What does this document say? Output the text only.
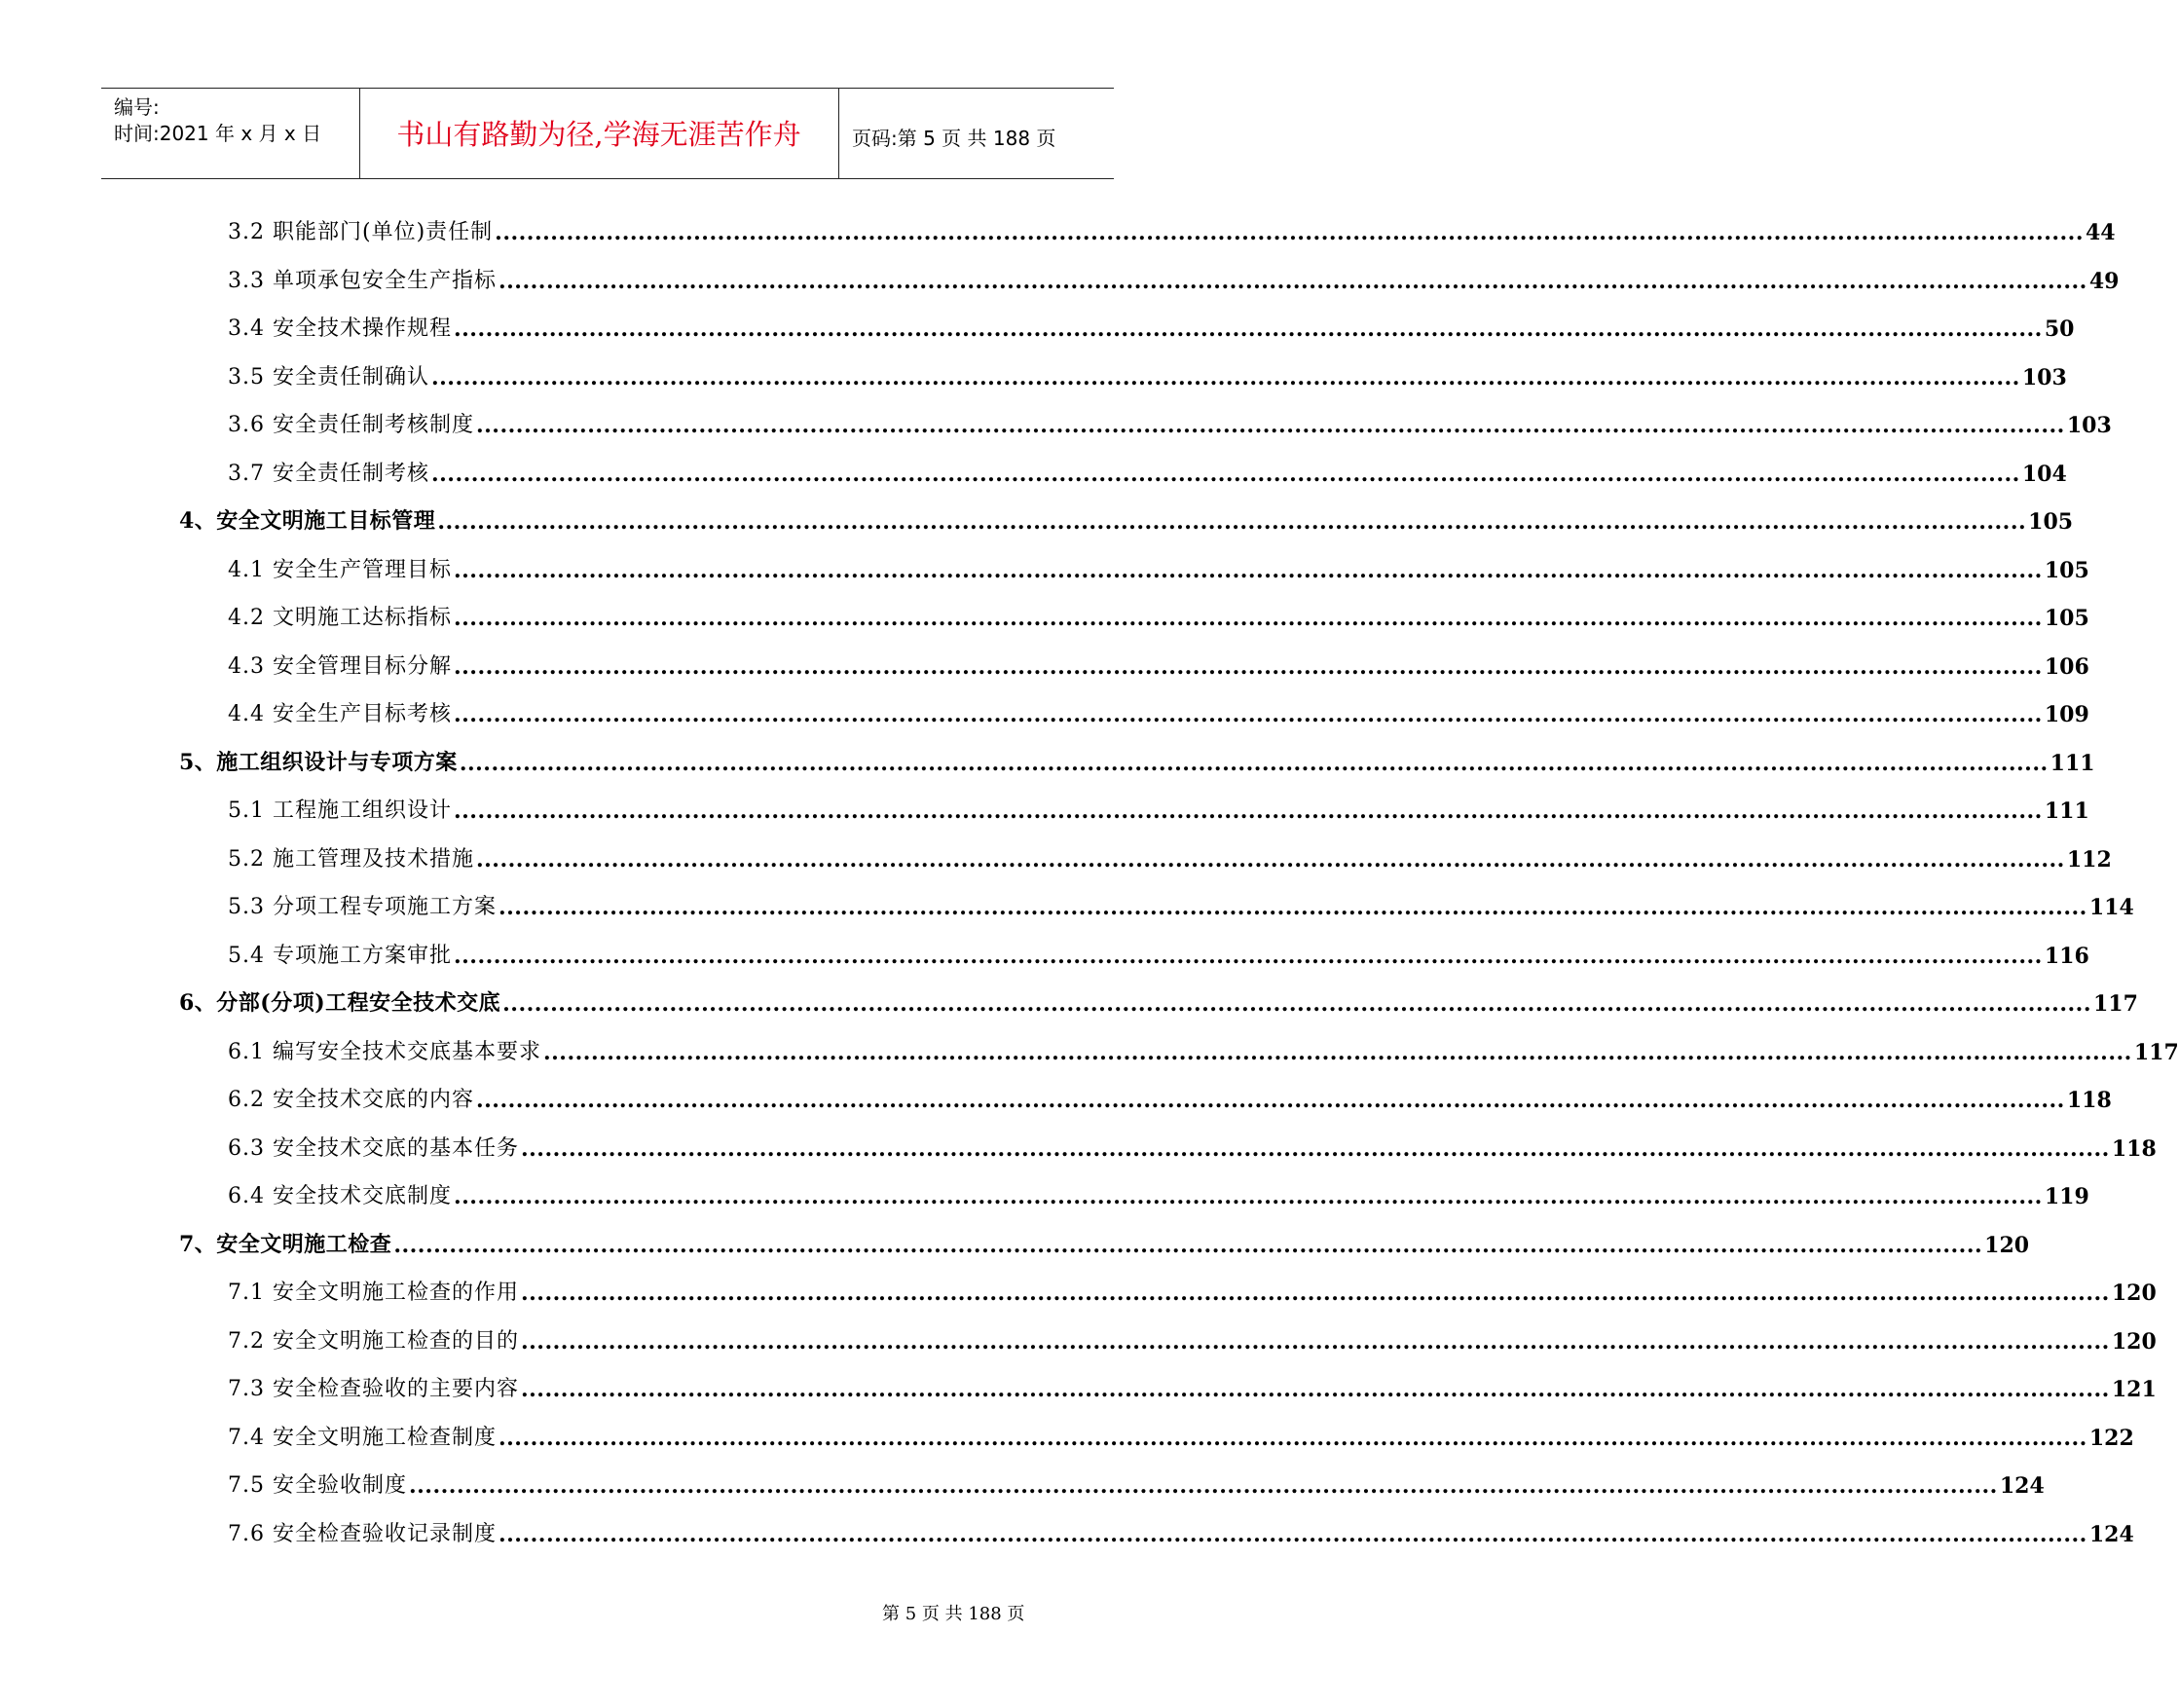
编号:
时间:2021 年 x 月 x 日	书山有路勤为径,学海无涯苦作舟	页码:第 5 页 共 188 页
3.2 职能部门(单位)责任制 ........................................................................................................................................................................................................ 44
3.3 单项承包安全生产指标 ........................................................................................................................................................................................................ 49
3.4 安全技术操作规程 ........................................................................................................................................................................................................ 50
3.5 安全责任制确认 ........................................................................................................................................................................................................ 103
3.6 安全责任制考核制度 ........................................................................................................................................................................................................ 103
3.7 安全责任制考核 ........................................................................................................................................................................................................ 104
4、安全文明施工目标管理 ........................................................................................................................................................................................................ 105
4.1 安全生产管理目标 ........................................................................................................................................................................................................ 105
4.2 文明施工达标指标 ........................................................................................................................................................................................................ 105
4.3 安全管理目标分解 ........................................................................................................................................................................................................ 106
4.4 安全生产目标考核 ........................................................................................................................................................................................................ 109
5、施工组织设计与专项方案 ........................................................................................................................................................................................................ 111
5.1 工程施工组织设计 ........................................................................................................................................................................................................ 111
5.2 施工管理及技术措施 ........................................................................................................................................................................................................ 112
5.3 分项工程专项施工方案 ........................................................................................................................................................................................................ 114
5.4 专项施工方案审批 ........................................................................................................................................................................................................ 116
6、分部(分项)工程安全技术交底 ........................................................................................................................................................................................................ 117
6.1 编写安全技术交底基本要求 ........................................................................................................................................................................................................ 117
6.2 安全技术交底的内容 ........................................................................................................................................................................................................ 118
6.3 安全技术交底的基本任务 ........................................................................................................................................................................................................ 118
6.4 安全技术交底制度 ........................................................................................................................................................................................................ 119
7、安全文明施工检查 ........................................................................................................................................................................................................ 120
7.1 安全文明施工检查的作用 ........................................................................................................................................................................................................ 120
7.2 安全文明施工检查的目的 ........................................................................................................................................................................................................ 120
7.3 安全检查验收的主要内容 ........................................................................................................................................................................................................ 121
7.4 安全文明施工检查制度 ........................................................................................................................................................................................................ 122
7.5 安全验收制度 ........................................................................................................................................................................................................ 124
7.6 安全检查验收记录制度 ........................................................................................................................................................................................................ 124
第 5 页 共 188 页
